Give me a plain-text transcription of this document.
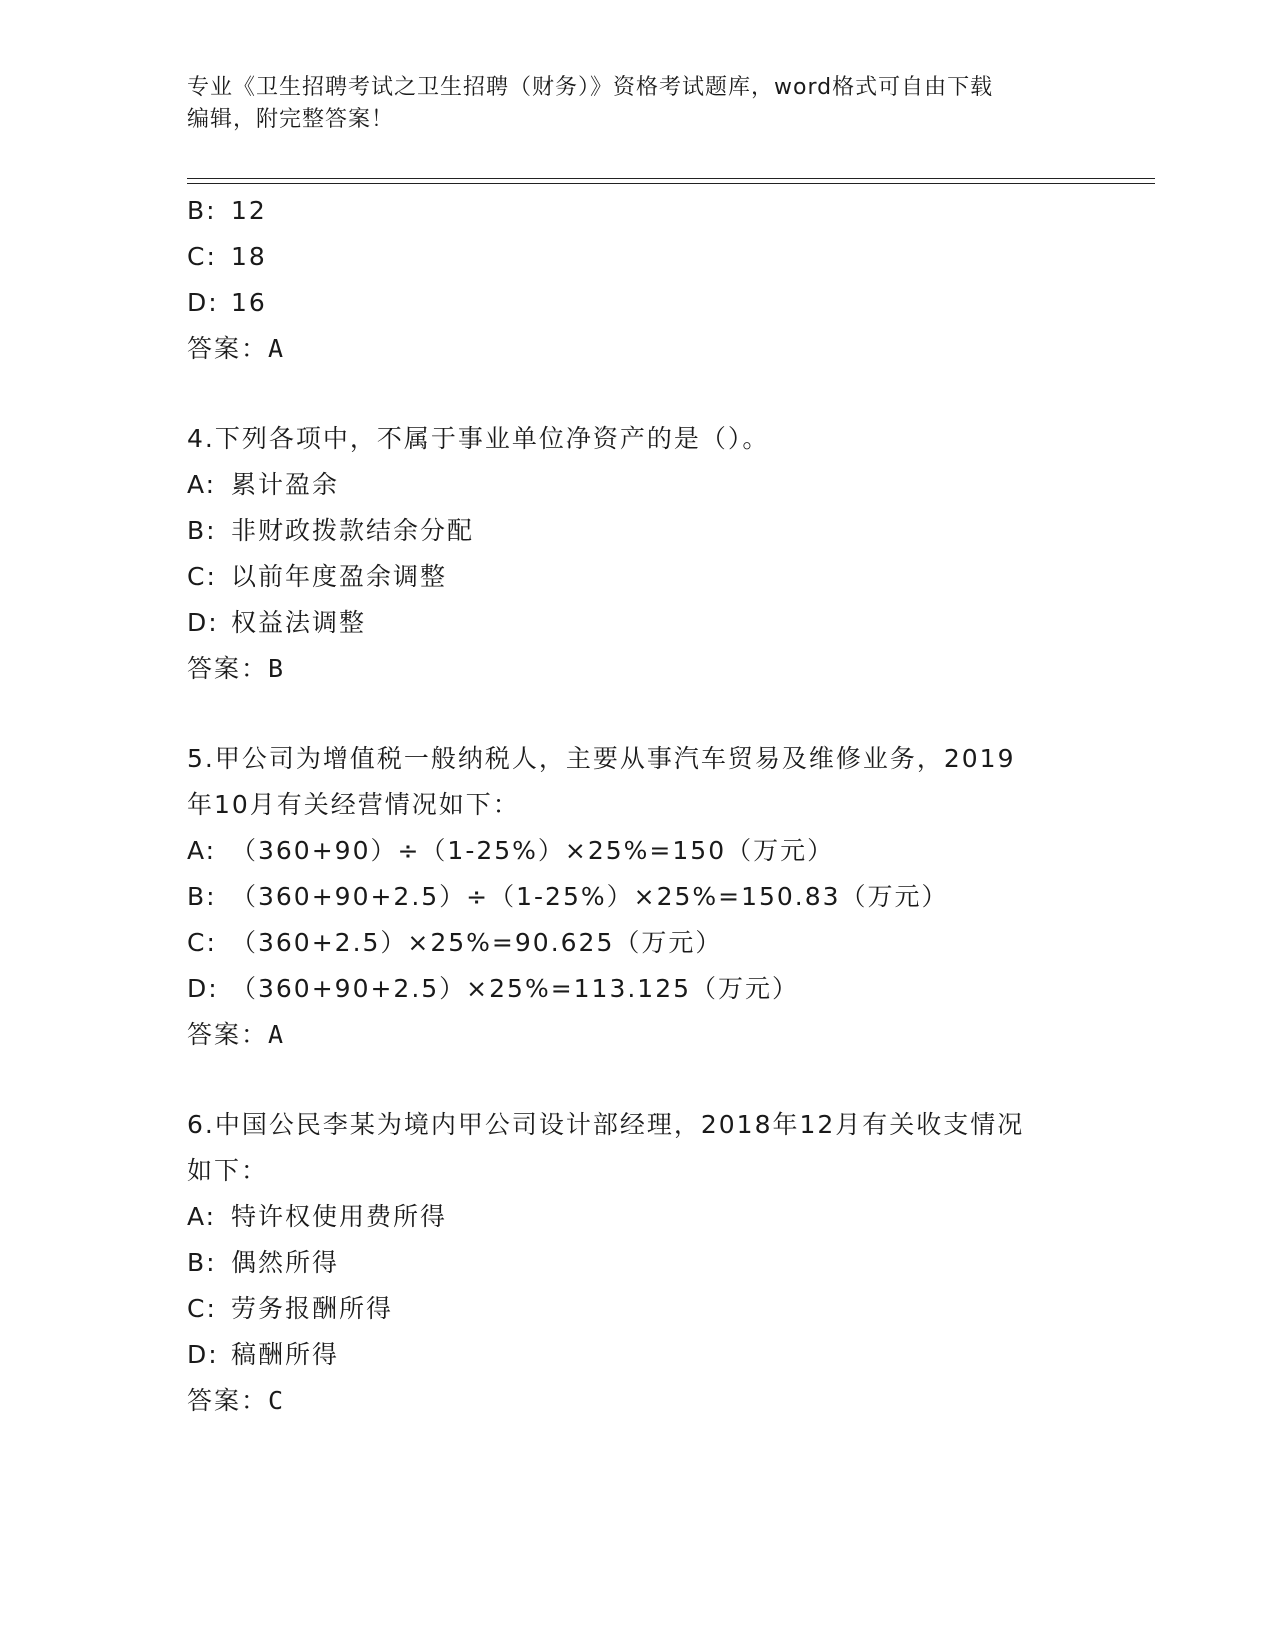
专业《卫生招聘考试之卫生招聘（财务）》资格考试题库，word格式可自由下载
编辑，附完整答案！
B: 12
C: 18
D: 16
答案：A
4.下列各项中，不属于事业单位净资产的是（）。
A: 累计盈余
B: 非财政拨款结余分配
C: 以前年度盈余调整
D: 权益法调整
答案：B
5.甲公司为增值税一般纳税人，主要从事汽车贸易及维修业务，2019
年10月有关经营情况如下：
A: （360+90）÷（1-25%）×25%=150（万元）
B: （360+90+2.5）÷（1-25%）×25%=150.83（万元）
C: （360+2.5）×25%=90.625（万元）
D: （360+90+2.5）×25%=113.125（万元）
答案：A
6.中国公民李某为境内甲公司设计部经理，2018年12月有关收支情况
如下：
A: 特许权使用费所得
B: 偶然所得
C: 劳务报酬所得
D: 稿酬所得
答案：C
